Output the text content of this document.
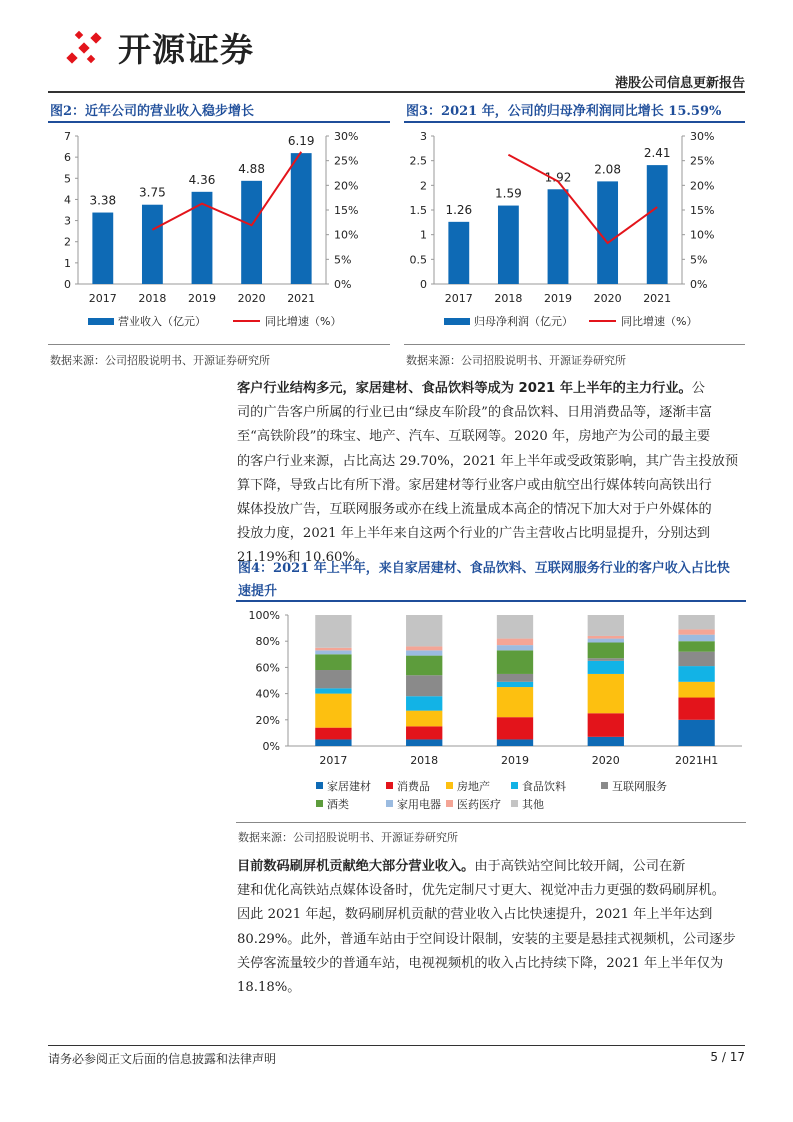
开源证券
港股公司信息更新报告
图2：近年公司的营业收入稳步增长
0
1
2
3
4
5
6
7
0%
5%
10%
15%
20%
25%
30%
3.38
2017
3.75
2018
4.36
2019
4.88
2020
6.19
2021
营业收入（亿元）	同比增速（%）
数据来源：公司招股说明书、开源证券研究所
图3：2021 年，公司的归母净利润同比增长 15.59%
0
0.5
1
1.5
2
2.5
3
0%
5%
10%
15%
20%
25%
30%
1.26
2017
1.59
2018
1.92
2019
2.08
2020
2.41
2021
归母净利润（亿元）	同比增速（%）
数据来源：公司招股说明书、开源证券研究所
客户行业结构多元，家居建材、食品饮料等成为 2021 年上半年的主力行业。公
司的广告客户所属的行业已由“绿皮车阶段”的食品饮料、日用消费品等，逐渐丰富
至“高铁阶段”的珠宝、地产、汽车、互联网等。2020 年，房地产为公司的最主要
的客户行业来源，占比高达 29.70%，2021 年上半年或受政策影响，其广告主投放预
算下降，导致占比有所下滑。家居建材等行业客户或由航空出行媒体转向高铁出行
媒体投放广告，互联网服务或亦在线上流量成本高企的情况下加大对于户外媒体的
投放力度，2021 年上半年来自这两个行业的广告主营收占比明显提升，分别达到
21.19%和 10.60%。
图4：2021 年上半年，来自家居建材、食品饮料、互联网服务行业的客户收入占比快
速提升
0%
20%
40%
60%
80%
100%
2017	2018	2019	2020	2021H1
家居建材 消费品 房地产	食品饮料	互联网服务
酒类	家用电器 医药医疗 其他
数据来源：公司招股说明书、开源证券研究所
目前数码刷屏机贡献绝大部分营业收入。由于高铁站空间比较开阔，公司在新
建和优化高铁站点媒体设备时，优先定制尺寸更大、视觉冲击力更强的数码刷屏机。
因此 2021 年起，数码刷屏机贡献的营业收入占比快速提升，2021 年上半年达到
80.29%。此外，普通车站由于空间设计限制，安装的主要是悬挂式视频机，公司逐步
关停客流量较少的普通车站，电视视频机的收入占比持续下降，2021 年上半年仅为
18.18%。
请务必参阅正文后面的信息披露和法律声明	5 / 17
